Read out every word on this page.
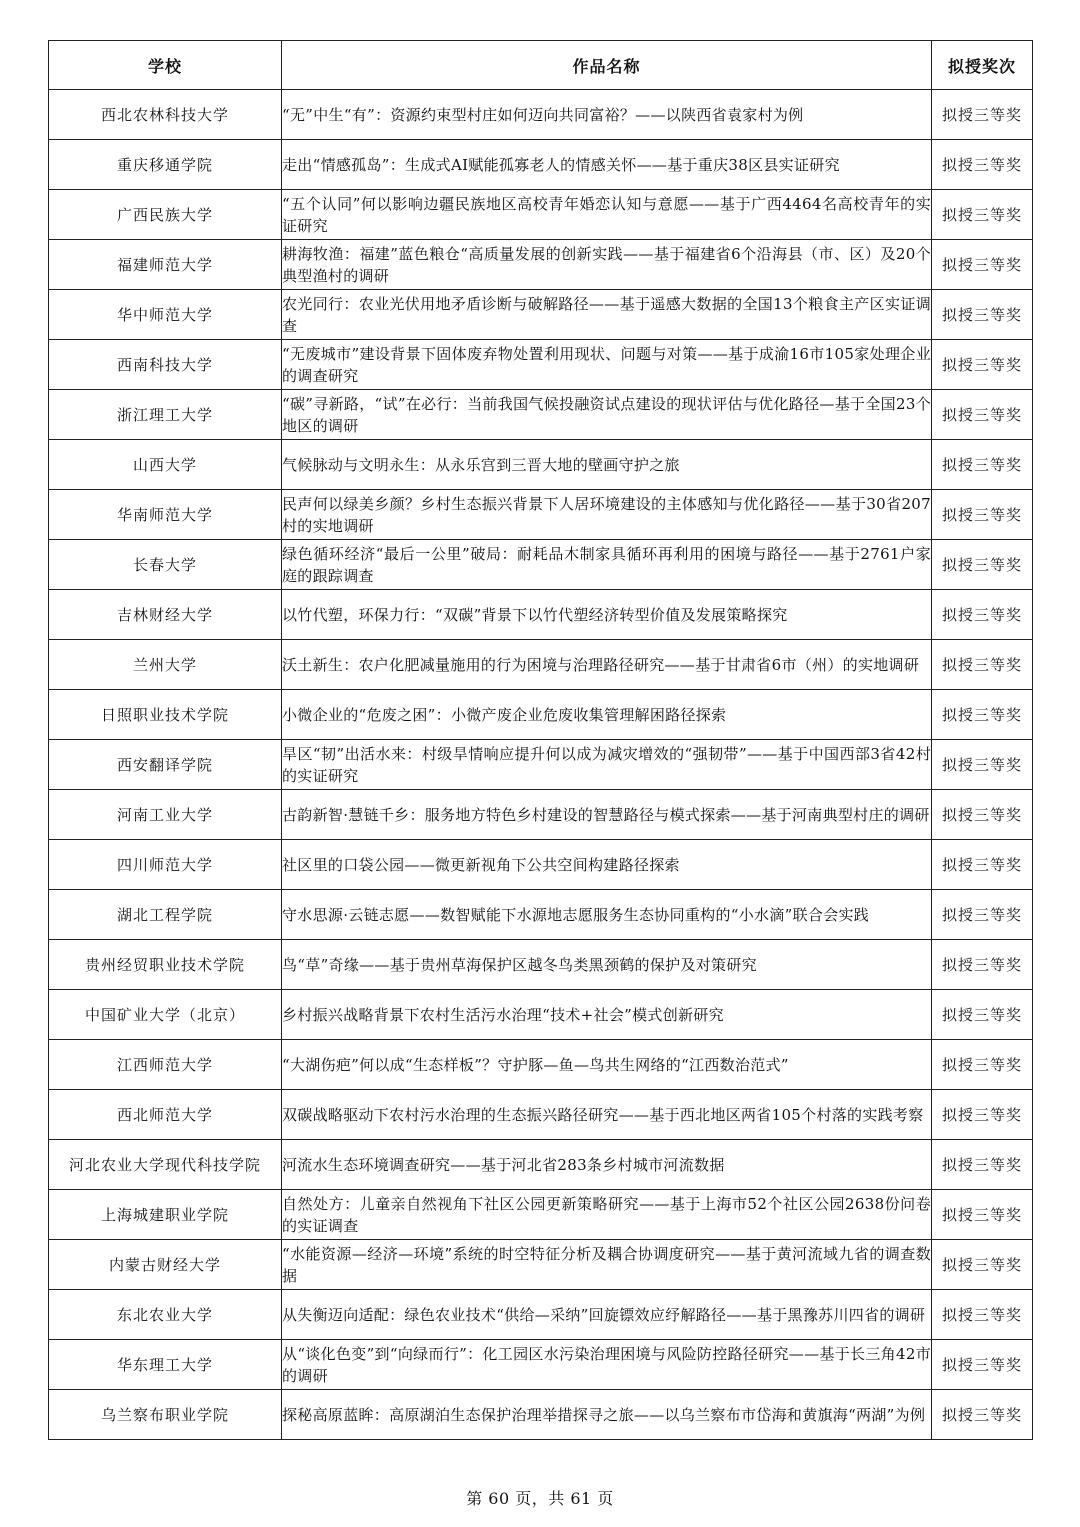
学校	作品名称	拟授奖次
西北农林科技大学	“无”中生“有”：资源约束型村庄如何迈向共同富裕？——以陕西省袁家村为例	拟授三等奖
重庆移通学院	走出“情感孤岛”：生成式AI赋能孤寡老人的情感关怀——基于重庆38区县实证研究	拟授三等奖
广西民族大学	“五个认同”何以影响边疆民族地区高校青年婚恋认知与意愿——基于广西4464名高校青年的实证研究	拟授三等奖
福建师范大学	耕海牧渔：福建”蓝色粮仓“高质量发展的创新实践——基于福建省6个沿海县（市、区）及20个典型渔村的调研	拟授三等奖
华中师范大学	农光同行：农业光伏用地矛盾诊断与破解路径——基于遥感大数据的全国13个粮食主产区实证调查	拟授三等奖
西南科技大学	“无废城市”建设背景下固体废弃物处置利用现状、问题与对策——基于成渝16市105家处理企业的调查研究	拟授三等奖
浙江理工大学	“碳”寻新路，“试”在必行：当前我国气候投融资试点建设的现状评估与优化路径—基于全国23个地区的调研	拟授三等奖
山西大学	气候脉动与文明永生：从永乐宫到三晋大地的壁画守护之旅	拟授三等奖
华南师范大学	民声何以绿美乡颜？乡村生态振兴背景下人居环境建设的主体感知与优化路径——基于30省207村的实地调研	拟授三等奖
长春大学	绿色循环经济“最后一公里”破局：耐耗品木制家具循环再利用的困境与路径——基于2761户家庭的跟踪调查	拟授三等奖
吉林财经大学	以竹代塑，环保力行：“双碳”背景下以竹代塑经济转型价值及发展策略探究	拟授三等奖
兰州大学	沃土新生：农户化肥减量施用的行为困境与治理路径研究——基于甘肃省6市（州）的实地调研	拟授三等奖
日照职业技术学院	小微企业的“危废之困”：小微产废企业危废收集管理解困路径探索	拟授三等奖
西安翻译学院	旱区“韧”出活水来：村级旱情响应提升何以成为减灾增效的“强韧带”——基于中国西部3省42村的实证研究	拟授三等奖
河南工业大学	古韵新智·慧链千乡：服务地方特色乡村建设的智慧路径与模式探索——基于河南典型村庄的调研	拟授三等奖
四川师范大学	社区里的口袋公园——微更新视角下公共空间构建路径探索	拟授三等奖
湖北工程学院	守水思源·云链志愿——数智赋能下水源地志愿服务生态协同重构的“小水滴”联合会实践	拟授三等奖
贵州经贸职业技术学院	鸟“草”奇缘——基于贵州草海保护区越冬鸟类黑颈鹤的保护及对策研究	拟授三等奖
中国矿业大学（北京）	乡村振兴战略背景下农村生活污水治理“技术+社会”模式创新研究	拟授三等奖
江西师范大学	“大湖伤疤”何以成“生态样板”？守护豚—鱼—鸟共生网络的“江西数治范式”	拟授三等奖
西北师范大学	双碳战略驱动下农村污水治理的生态振兴路径研究——基于西北地区两省105个村落的实践考察	拟授三等奖
河北农业大学现代科技学院	河流水生态环境调查研究——基于河北省283条乡村城市河流数据	拟授三等奖
上海城建职业学院	自然处方：儿童亲自然视角下社区公园更新策略研究——基于上海市52个社区公园2638份问卷的实证调查	拟授三等奖
内蒙古财经大学	“水能资源—经济—环境”系统的时空特征分析及耦合协调度研究——基于黄河流域九省的调查数据	拟授三等奖
东北农业大学	从失衡迈向适配：绿色农业技术“供给—采纳”回旋镖效应纾解路径——基于黑豫苏川四省的调研	拟授三等奖
华东理工大学	从“谈化色变”到“向绿而行”：化工园区水污染治理困境与风险防控路径研究——基于长三角42市的调研	拟授三等奖
乌兰察布职业学院	探秘高原蓝眸：高原湖泊生态保护治理举措探寻之旅——以乌兰察布市岱海和黄旗海“两湖”为例	拟授三等奖
第 60 页，共 61 页
